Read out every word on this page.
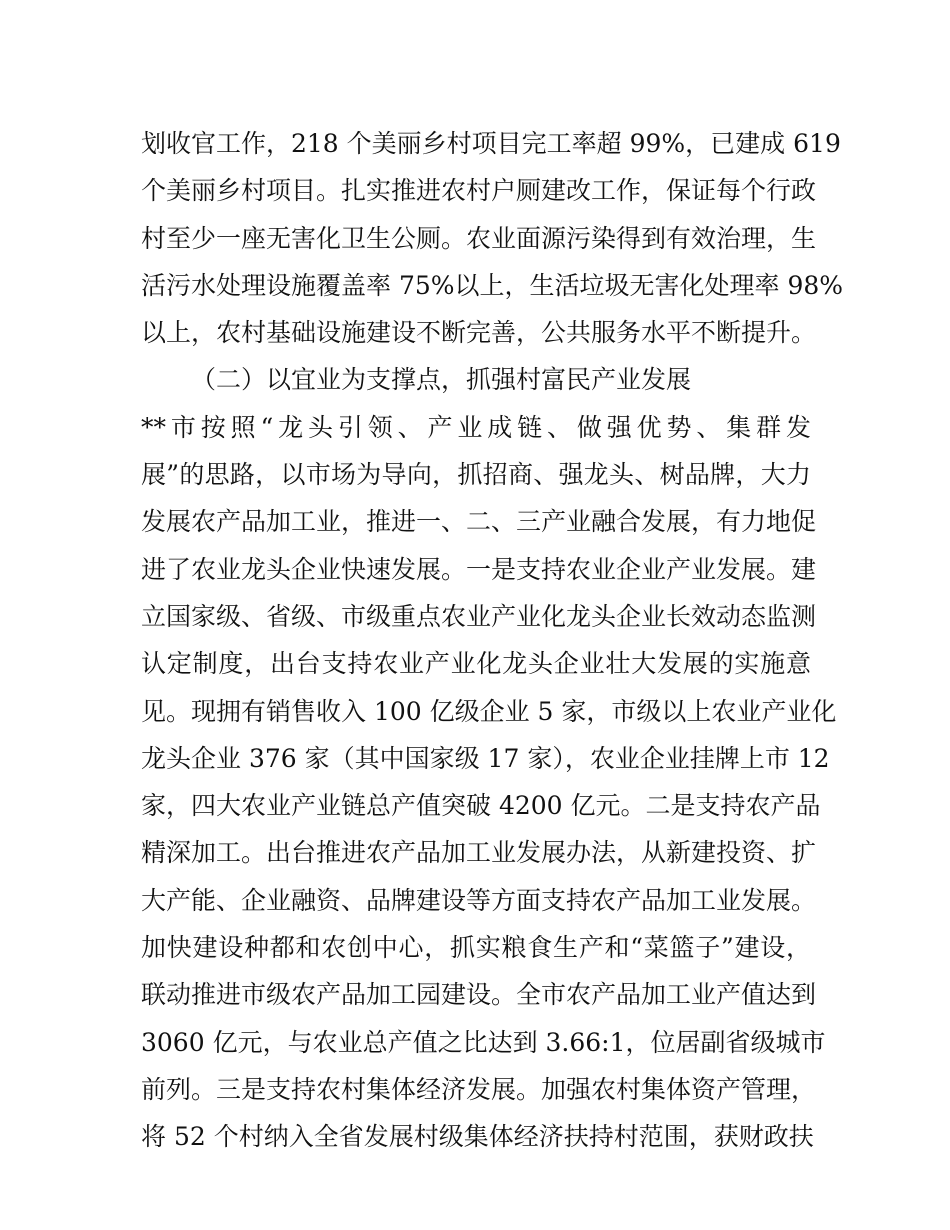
划收官工作，218 个美丽乡村项目完工率超 99%，已建成 619
个美丽乡村项目。扎实推进农村户厕建改工作，保证每个行政
村至少一座无害化卫生公厕。农业面源污染得到有效治理，生
活污水处理设施覆盖率 75%以上，生活垃圾无害化处理率 98%
以上，农村基础设施建设不断完善，公共服务水平不断提升。
（二）以宜业为支撑点，抓强村富民产业发展
**市按照“龙头引领、产业成链、做强优势、集群发
展”的思路，以市场为导向，抓招商、强龙头、树品牌，大力
发展农产品加工业，推进一、二、三产业融合发展，有力地促
进了农业龙头企业快速发展。一是支持农业企业产业发展。建
立国家级、省级、市级重点农业产业化龙头企业长效动态监测
认定制度，出台支持农业产业化龙头企业壮大发展的实施意
见。现拥有销售收入 100 亿级企业 5 家，市级以上农业产业化
龙头企业 376 家（其中国家级 17 家），农业企业挂牌上市 12
家，四大农业产业链总产值突破 4200 亿元。二是支持农产品
精深加工。出台推进农产品加工业发展办法，从新建投资、扩
大产能、企业融资、品牌建设等方面支持农产品加工业发展。
加快建设种都和农创中心，抓实粮食生产和“菜篮子”建设，
联动推进市级农产品加工园建设。全市农产品加工业产值达到
3060 亿元，与农业总产值之比达到 3.66:1，位居副省级城市
前列。三是支持农村集体经济发展。加强农村集体资产管理，
将 52 个村纳入全省发展村级集体经济扶持村范围，获财政扶
